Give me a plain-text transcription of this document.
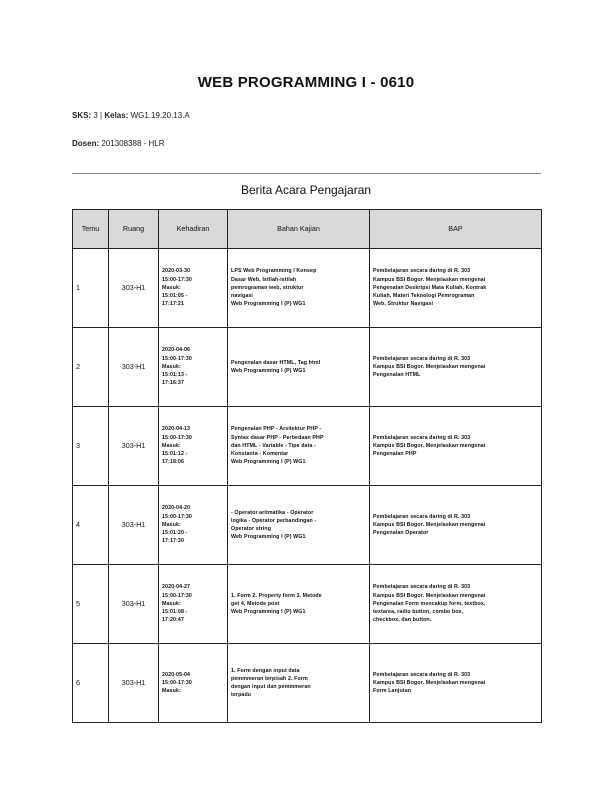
WEB PROGRAMMING I - 0610
SKS: 3 | Kelas: WG1.19.20.13.A
Dosen: 201308388 - HLR
Berita Acara Pengajaran
Temu	Ruang	Kehadiran	Bahan Kajian	BAP
1	303-H1	2020-03-30
15:00-17:30
Masuk:
15:01:05 -
17:17:21	LPS Web Programming I Konsep
Dasar Web, Istilah-istilah
pemrograman web, struktur
navigasi
Web Programming I (P) WG1	Pembelajaran secara daring di R. 303
Kampus BSI Bogor. Menjelaskan mengenai
Pengenalan Deskripsi Mata Kuliah, Kontrak
Kuliah, Materi Teknologi Pemrograman
Web, Struktur Navigasi

2	303-H1	2020-04-06
15:00-17:30
Masuk:
15:01:13 -
17:16:37	Pengenalan dasar HTML, Tag html
Web Programming I (P) WG1	Pembelajaran secara daring di R. 303
Kampus BSI Bogor. Menjelaskan mengenai
Pengenalan HTML

3	303-H1	2020-04-13
15:00-17:30
Masuk:
15:01:12 -
17:18:06	Pengenalan PHP - Arsitektur PHP -
Syntax dasar PHP - Perbedaan PHP
dan HTML - Variable - Tipe data -
Konstanta - Komentar
Web Programming I (P) WG1	Pembelajaran secara daring di R. 303
Kampus BSI Bogor. Menjelaskan mengenai
Pengenalan PHP

4	303-H1	2020-04-20
15:00-17:30
Masuk:
15:01:20 -
17:17:30	- Operator aritmatika - Operator
logika - Operator perbandingan -
Operator string
Web Programming I (P) WG1	Pembelajaran secara daring di R. 303
Kampus BSI Bogor. Menjelaskan mengenai
Pengenalan Operator

5	303-H1	2020-04-27
15:00-17:30
Masuk:
15:01:08 -
17:20:47	1. Form 2. Property form 3. Metode
get 4. Metode post
Web Programming I (P) WG1	Pembelajaran secara daring di R. 303
Kampus BSI Bogor. Menjelaskan mengenai
Pengenalan Form mencakup form, textbox,
textarea, radio button, combo box,
checkbox, dan button.

6	303-H1	2020-05-04
15:00-17:30
Masuk:	1. Form dengan input data
pemmmeran terpisah 2. Form
dengan input dan pemmmeran
terpadu	Pembelajaran secara daring di R. 303
Kampus BSI Bogor. Menjelaskan mengenai
Form Lanjutan
